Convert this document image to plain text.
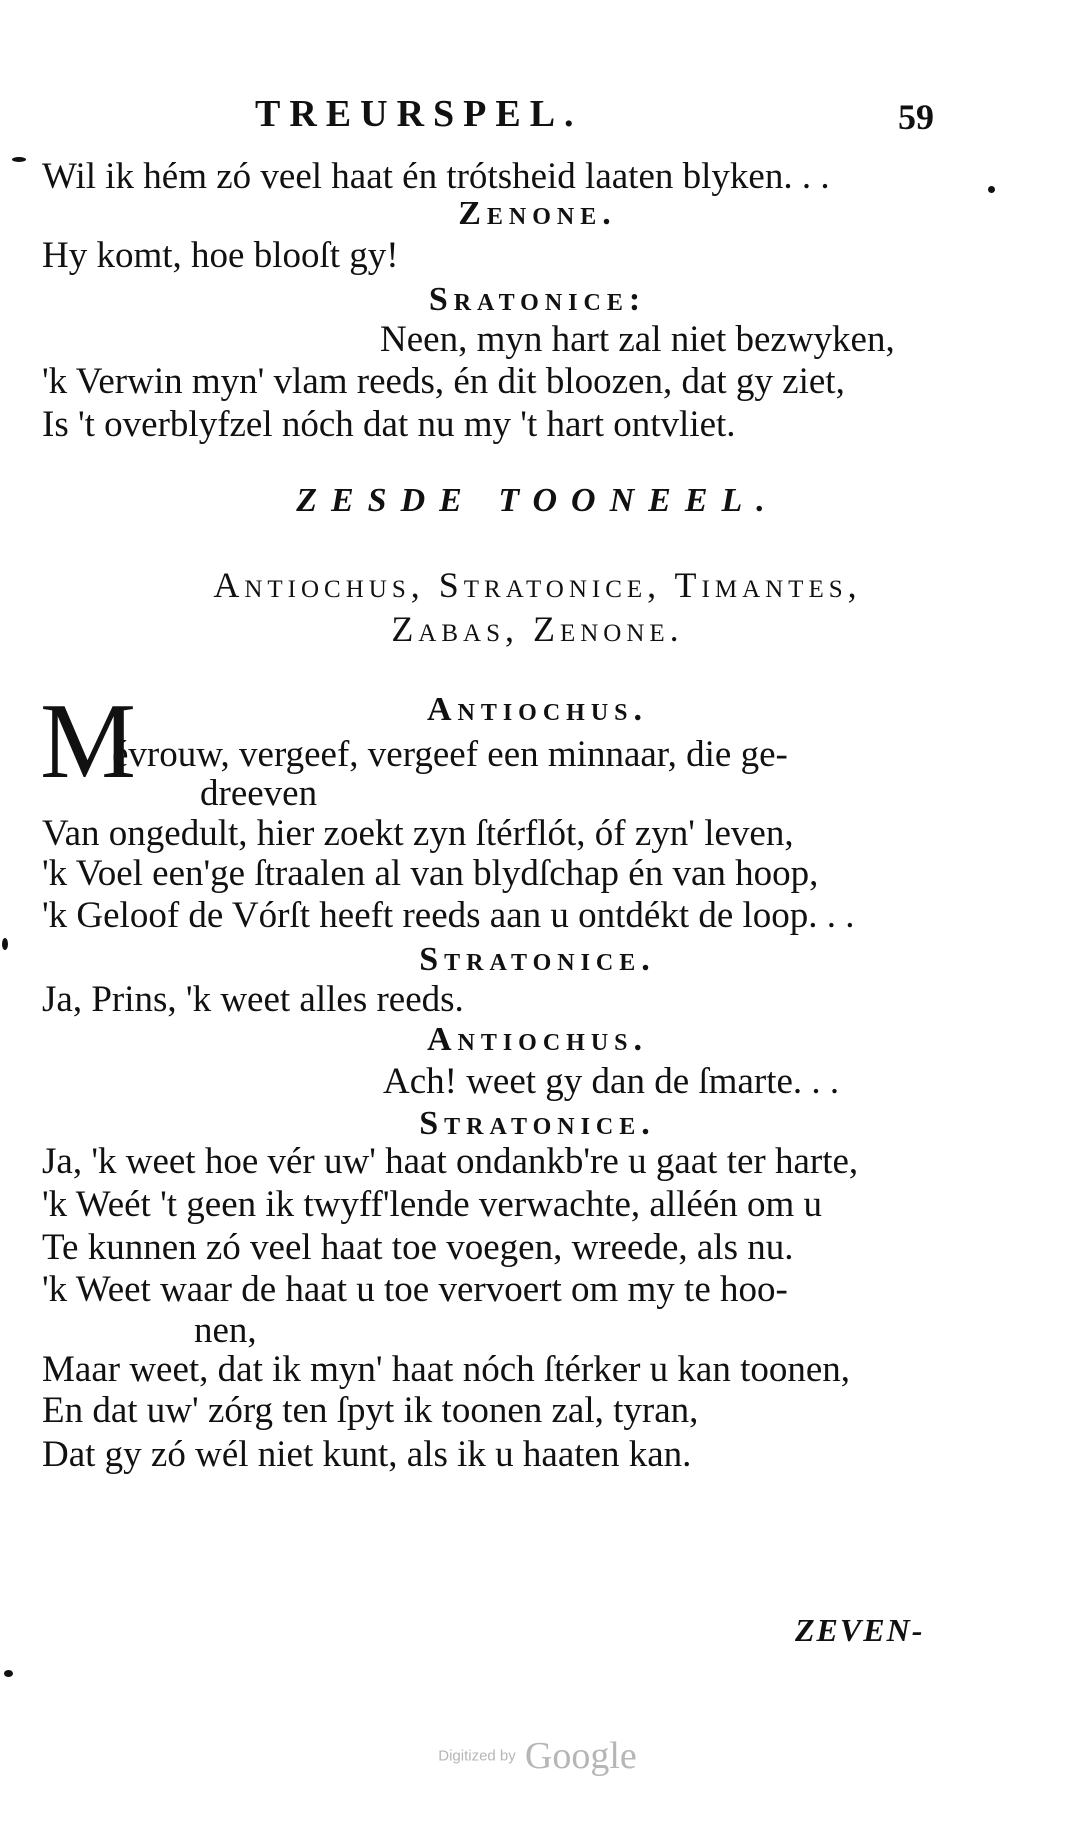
TREURSPEL.	59
Wil ik hém zó veel haat én trótsheid laaten blyken. . .
Zenone.
Hy komt, hoe blooſt gy!
Sratonice:
Neen, myn hart zal niet bezwyken,
'k Verwin myn' vlam reeds, én dit bloozen, dat gy ziet,
Is 't overblyfzel nóch dat nu my 't hart ontvliet.
ZESDE TOONEEL.
Antiochus, Stratonice, Timantes,
Zabas, Zenone.
M	Antiochus.
évrouw, vergeef, vergeef een minnaar, die ge-
dreeven
Van ongedult, hier zoekt zyn ſtérflót, óf zyn' leven,
'k Voel een'ge ſtraalen al van blydſchap én van hoop,
'k Geloof de Vórſt heeft reeds aan u ontdékt de loop. . .
Stratonice.
Ja, Prins, 'k weet alles reeds.
Antiochus.
Ach! weet gy dan de ſmarte. . .
Stratonice.
Ja, 'k weet hoe vér uw' haat ondankb're u gaat ter harte,
'k Weét 't geen ik twyff'lende verwachte, alléén om u
Te kunnen zó veel haat toe voegen, wreede, als nu.
'k Weet waar de haat u toe vervoert om my te hoo-
nen,
Maar weet, dat ik myn' haat nóch ſtérker u kan toonen,
En dat uw' zórg ten ſpyt ik toonen zal, tyran,
Dat gy zó wél niet kunt, als ik u haaten kan.
ZEVEN-
Digitized by Google
